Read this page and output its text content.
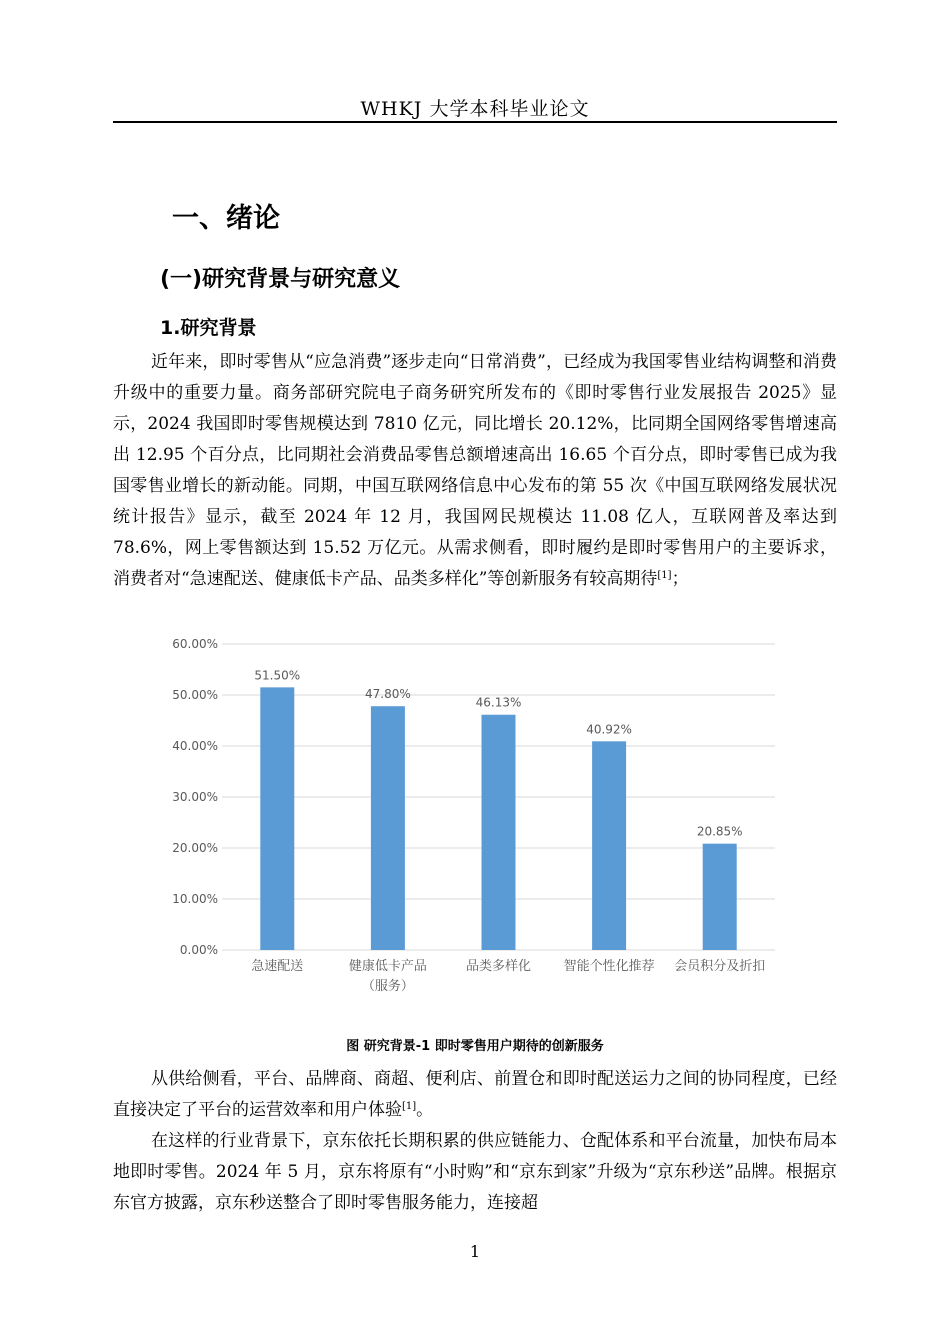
WHKJ 大学本科毕业论文
一、绪论
(一)研究背景与研究意义
1.研究背景

近年来，即时零售从“应急消费”逐步走向“日常消费”，已经成为我国零售业结构调整和消费升级中的重要力量。商务部研究院电子商务研究所发布的《即时零售行业发展报告 2025》显示，2024 我国即时零售规模达到 7810 亿元，同比增长 20.12%，比同期全国网络零售增速高出 12.95 个百分点，比同期社会消费品零售总额增速高出 16.65 个百分点，即时零售已成为我国零售业增长的新动能。同期，中国互联网络信息中心发布的第 55 次《中国互联网络发展状况统计报告》显示，截至 2024 年 12 月，我国网民规模达 11.08 亿人，互联网普及率达到 78.6%，网上零售额达到 15.52 万亿元。从需求侧看，即时履约是即时零售用户的主要诉求，消费者对“急速配送、健康低卡产品、品类多样化”等创新服务有较高期待[1]；

0.00%
10.00%
20.00%
30.00%
40.00%
50.00%
60.00%
51.50%
47.80%
46.13%
40.92%
20.85%
急速配送	健康低卡产品
（服务）
品类多样化	智能个性化推荐 会员积分及折扣
图 研究背景-1 即时零售用户期待的创新服务

从供给侧看，平台、品牌商、商超、便利店、前置仓和即时配送运力之间的协同程度，已经直接决定了平台的运营效率和用户体验[1]。

在这样的行业背景下，京东依托长期积累的供应链能力、仓配体系和平台流量，加快布局本地即时零售。2024 年 5 月，京东将原有“小时购”和“京东到家”升级为“京东秒送”品牌。根据京东官方披露，京东秒送整合了即时零售服务能力，连接超

1
